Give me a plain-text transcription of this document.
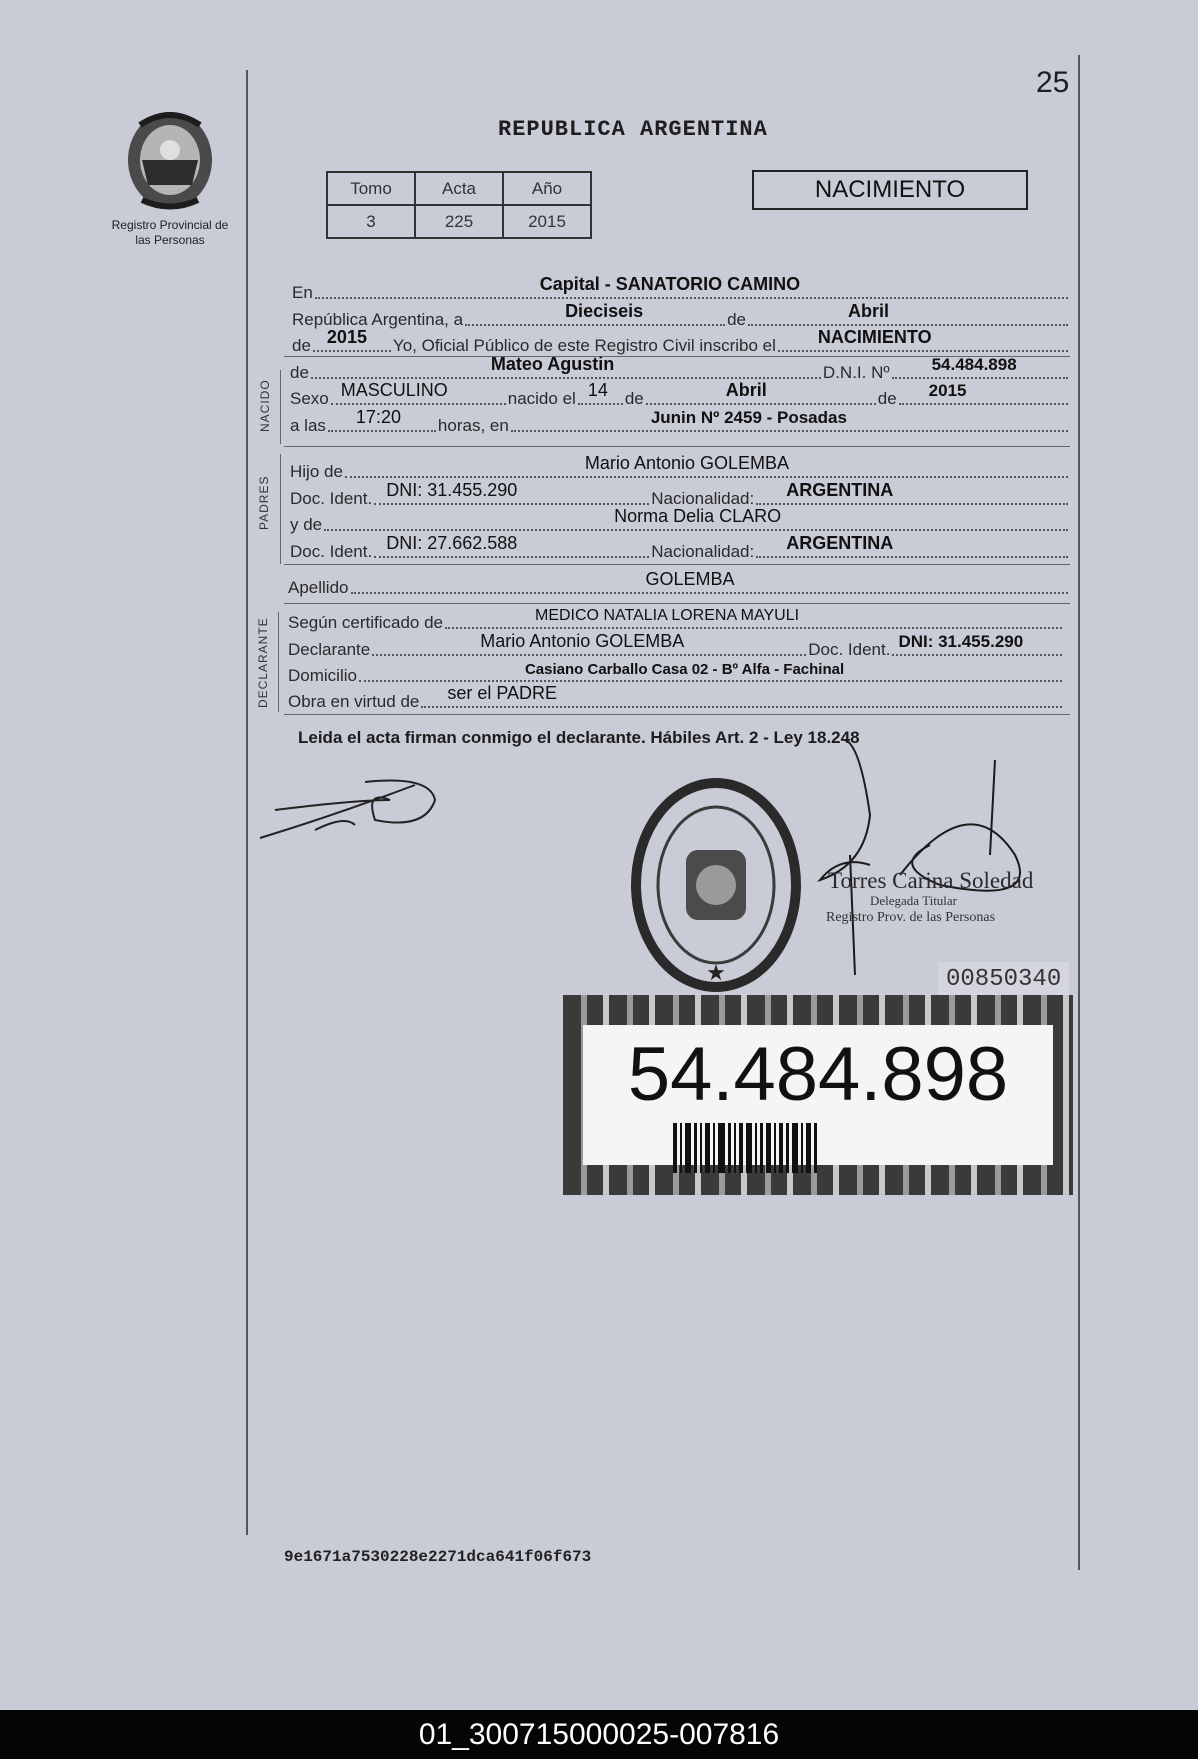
25
Registro Provincial de las Personas
REPUBLICA ARGENTINA
Tomo	Acta	Año
3	225	2015
NACIMIENTO
En	Capital - SANATORIO CAMINO
República Argentina, a	Dieciseis	de	Abril
de 2015 Yo, Oficial Público de este Registro Civil inscribo el NACIMIENTO
NACIDO
de	Mateo Agustin	D.N.I. Nº 54.484.898
Sexo MASCULINO	nacido el 14 de	Abril	de 2015
a las 17:20 horas, en	Junin Nº 2459 - Posadas
PADRES
Hijo de	Mario Antonio GOLEMBA
Doc. Ident. DNI: 31.455.290	Nacionalidad: ARGENTINA
y de	Norma Delia CLARO
Doc. Ident. DNI: 27.662.588	Nacionalidad: ARGENTINA
Apellido	GOLEMBA
DECLARANTE Según certificado de	MEDICO NATALIA LORENA MAYULI
Declarante	Mario Antonio GOLEMBA	Doc. Ident. DNI: 31.455.290
Domicilio	Casiano Carballo Casa 02 - Bº Alfa - Fachinal
Obra en virtud de ser el PADRE
Leida el acta firman conmigo el declarante. Hábiles Art. 2 - Ley 18.248
★
Torres Carina Soledad
Delegada Titular
Registro Prov. de las Personas
00850340
54.484.898
9e1671a7530228e2271dca641f06f673
01_300715000025-007816
